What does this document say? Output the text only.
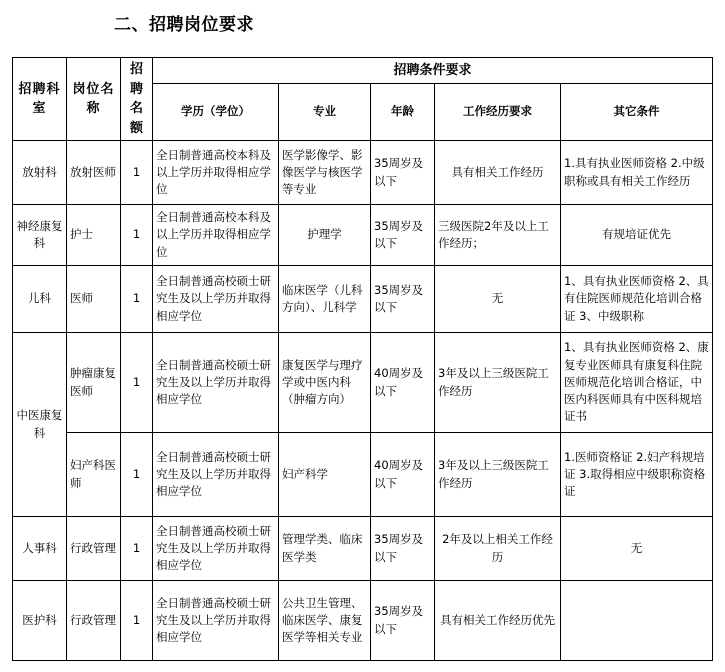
二、招聘岗位要求
招聘科室	岗位名称	招聘名额	招聘条件要求				
			学历（学位）	专业	年龄	工作经历要求	其它条件
放射科	放射医师	1	全日制普通高校本科及以上学历并取得相应学位	医学影像学、影像医学与核医学等专业	35周岁及以下	具有相关工作经历	1.具有执业医师资格 2.中级职称或具有相关工作经历
神经康复科	护士	1	全日制普通高校本科及以上学历并取得相应学位	护理学	35周岁及以下	三级医院2年及以上工作经历；	有规培证优先
儿科	医师	1	全日制普通高校硕士研究生及以上学历并取得相应学位	临床医学（儿科方向）、儿科学	35周岁及以下	无	1、具有执业医师资格 2、具有住院医师规范化培训合格证 3、中级职称
中医康复科	肿瘤康复医师	1	全日制普通高校硕士研究生及以上学历并取得相应学位	康复医学与理疗学或中医内科（肿瘤方向）	40周岁及以下	3年及以上三级医院工作经历	1、具有执业医师资格 2、康复专业医师具有康复科住院医师规范化培训合格证，中医内科医师具有中医科规培证书
	妇产科医师	1	全日制普通高校硕士研究生及以上学历并取得相应学位	妇产科学	40周岁及以下	3年及以上三级医院工作经历	1.医师资格证 2.妇产科规培证 3.取得相应中级职称资格证
人事科	行政管理	1	全日制普通高校硕士研究生及以上学历并取得相应学位	管理学类、临床医学类	35周岁及以下	2年及以上相关工作经历	无
医护科	行政管理	1	全日制普通高校硕士研究生及以上学历并取得相应学位	公共卫生管理、临床医学、康复医学等相关专业	35周岁及以下	具有相关工作经历优先	
